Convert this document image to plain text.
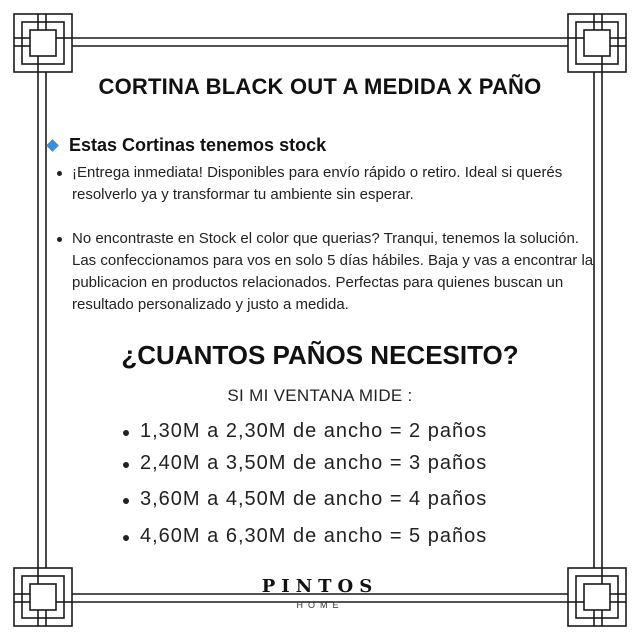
CORTINA BLACK OUT A MEDIDA X PAÑO
Estas Cortinas tenemos stock
¡Entrega inmediata! Disponibles para envío rápido o retiro. Ideal si querés resolverlo ya y transformar tu ambiente sin esperar.
No encontraste en Stock el color que querias? Tranqui, tenemos la solución. Las confeccionamos para vos en solo 5 días hábiles. Baja y vas a encontrar la publicacion en productos relacionados. Perfectas para quienes buscan un resultado personalizado y justo a medida.
¿CUANTOS PAÑOS NECESITO?
SI MI VENTANA MIDE :
1,30M a 2,30M de ancho = 2 paños
2,40M a 3,50M de ancho = 3 paños
3,60M a 4,50M de ancho = 4 paños
4,60M a 6,30M de ancho = 5 paños
PINTOS
HOME
